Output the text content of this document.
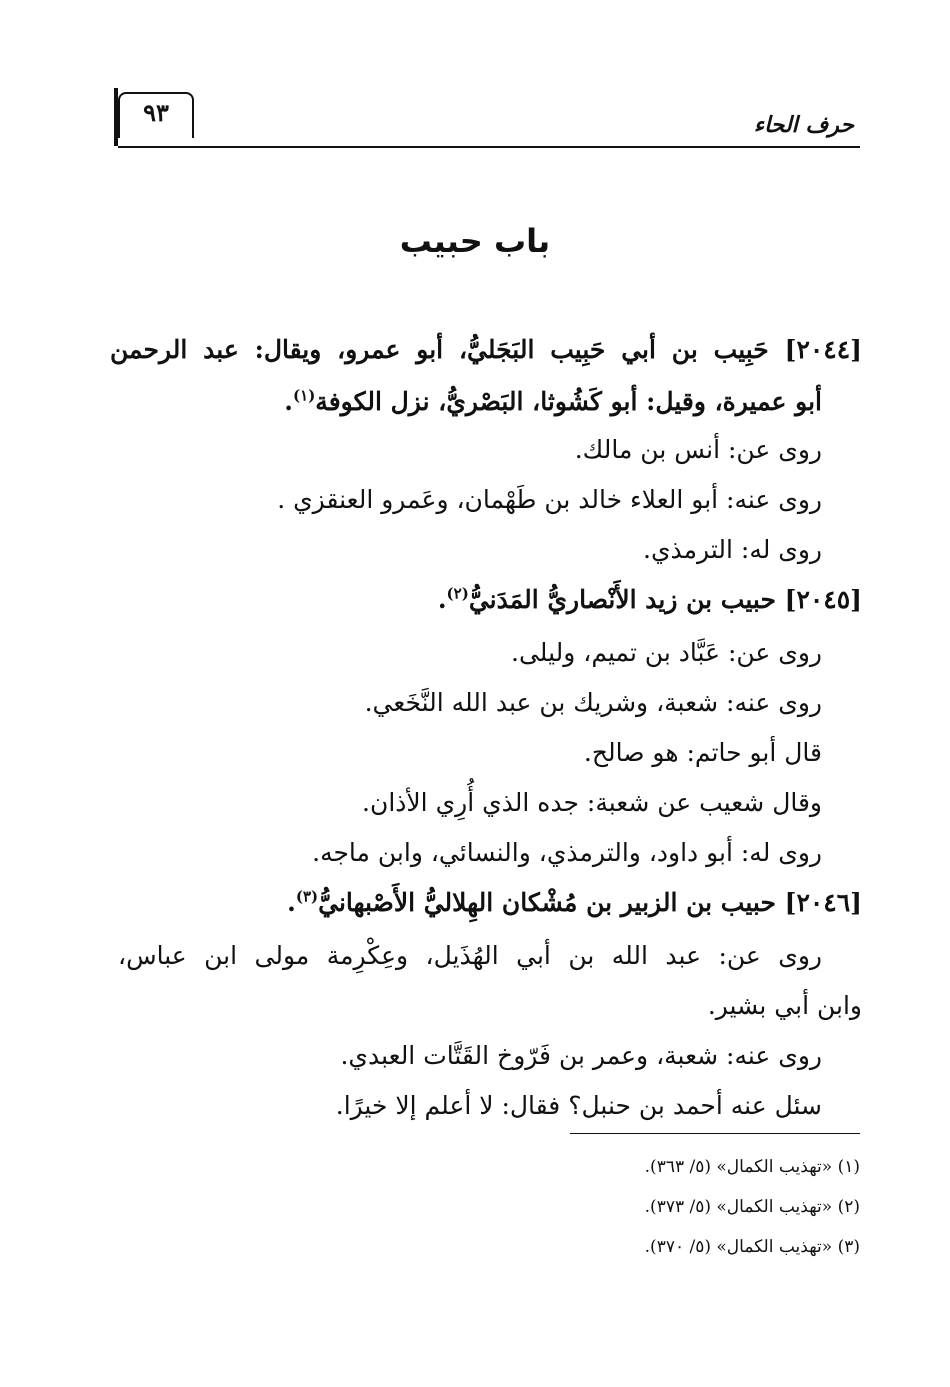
حرف الحاء
٩٣
باب حبيب
[٢٠٤٤] حَبِيب بن أبي حَبِيب البَجَليُّ، أبو عمرو، ويقال: عبد الرحمن
أبو عميرة، وقيل: أبو كَشُوثا، البَصْريُّ، نزل الكوفة$^{(١)}$.
روى عن: أنس بن مالك.
روى عنه: أبو العلاء خالد بن طَهْمان، وعَمرو العنقزي .
روى له: الترمذي.
[٢٠٤٥] حبيب بن زيد الأَنْصاريُّ المَدَنيُّ$^{(٢)}$.
روى عن: عَبَّاد بن تميم، وليلى.
روى عنه: شعبة، وشريك بن عبد الله النَّخَعي.
قال أبو حاتم: هو صالح.
وقال شعيب عن شعبة: جده الذي أُرِي الأذان.
روى له: أبو داود، والترمذي، والنسائي، وابن ماجه.
[٢٠٤٦] حبيب بن الزبير بن مُشْكان الهِلاليُّ الأَصْبهانيُّ$^{(٣)}$.
روى عن: عبد الله بن أبي الهُذَيل، وعِكْرِمة مولى ابن عباس،
وابن أبي بشير.
روى عنه: شعبة، وعمر بن فَرّوخ القَتَّات العبدي.
سئل عنه أحمد بن حنبل؟ فقال: لا أعلم إلا خيرًا.
(١) «تهذيب الكمال» (٥/ ٣٦٣).
(٢) «تهذيب الكمال» (٥/ ٣٧٣).
(٣) «تهذيب الكمال» (٥/ ٣٧٠).
